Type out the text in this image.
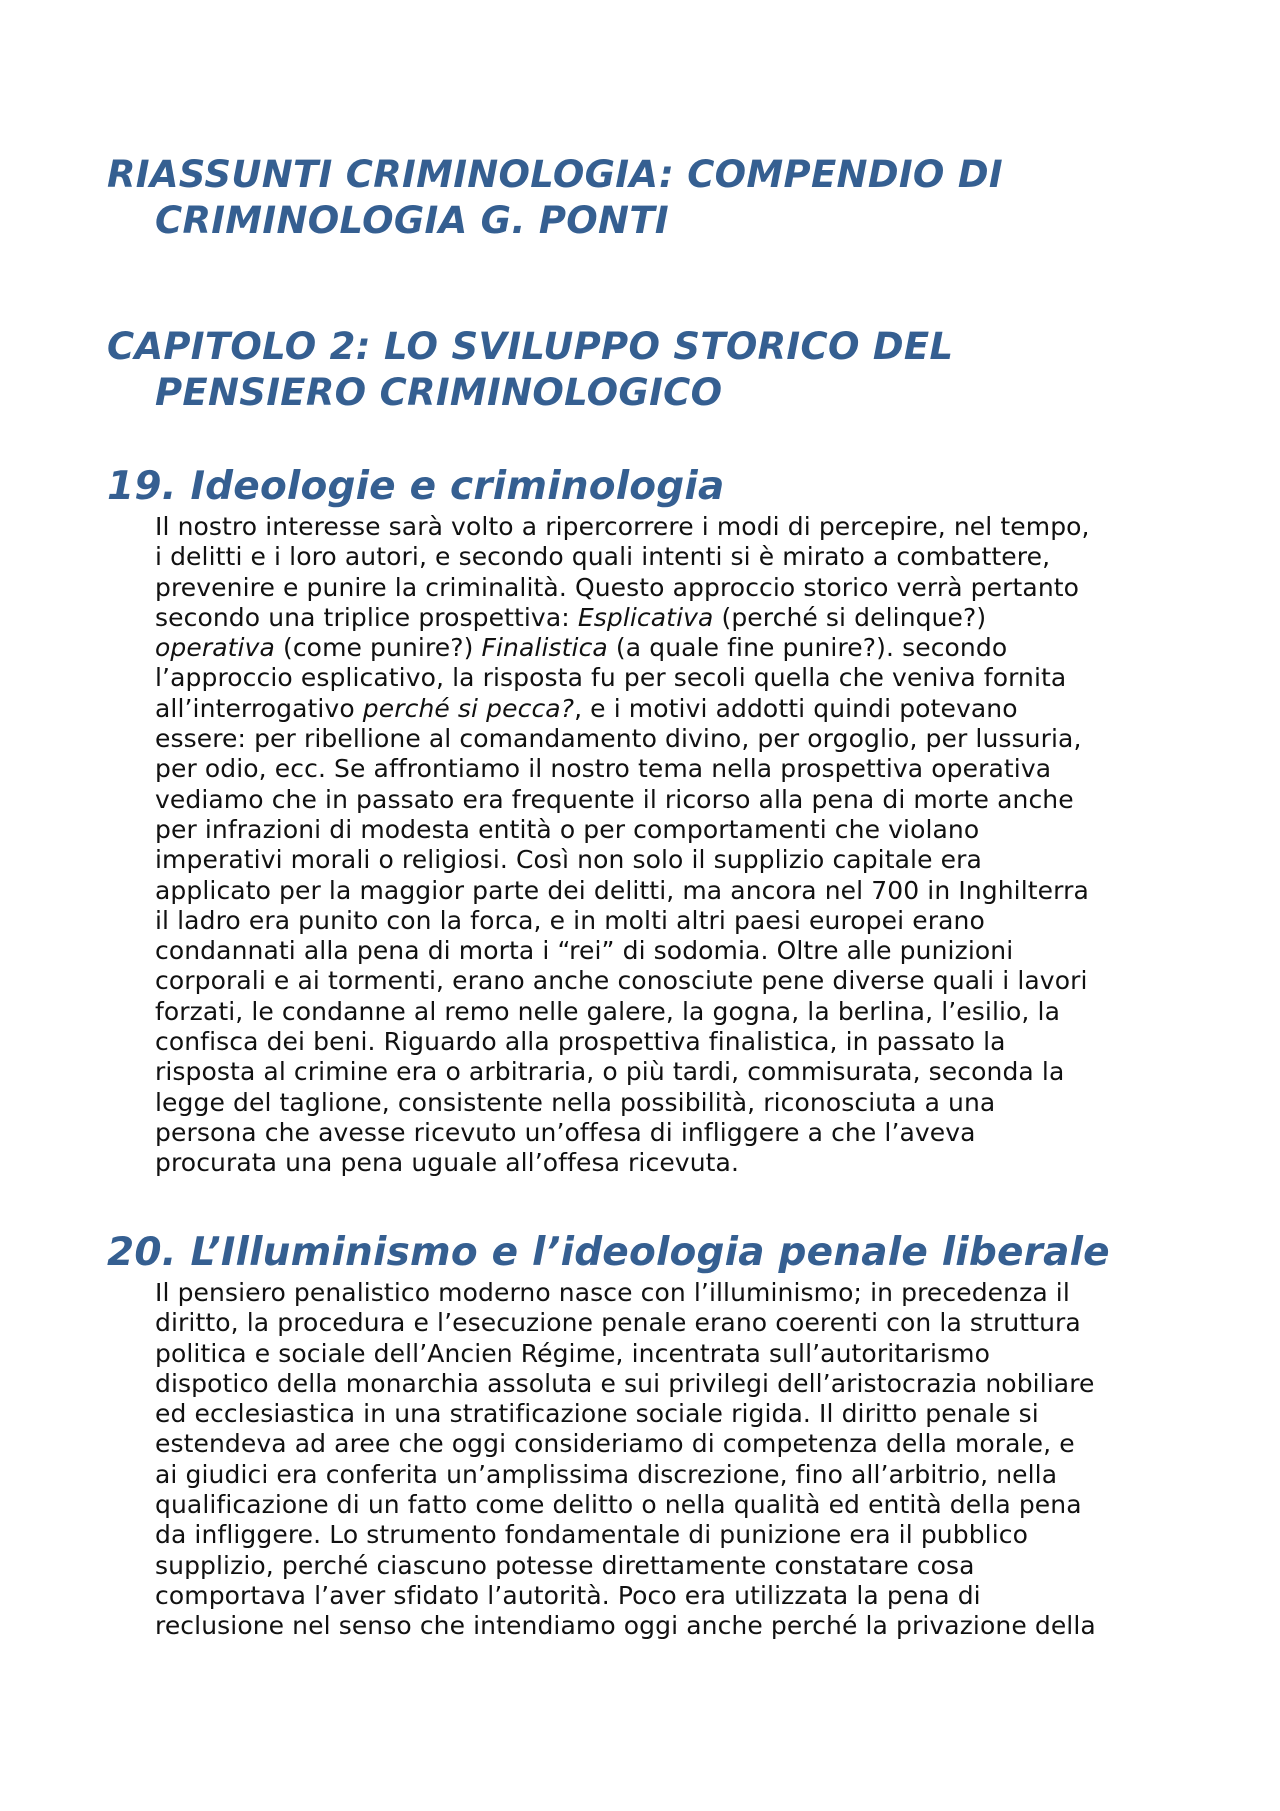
RIASSUNTI CRIMINOLOGIA: COMPENDIO DI
CRIMINOLOGIA G. PONTI
CAPITOLO 2: LO SVILUPPO STORICO DEL
PENSIERO CRIMINOLOGICO
19. Ideologie e criminologia
Il nostro interesse sarà volto a ripercorrere i modi di percepire, nel tempo,
i delitti e i loro autori, e secondo quali intenti si è mirato a combattere,
prevenire e punire la criminalità. Questo approccio storico verrà pertanto
secondo una triplice prospettiva: Esplicativa (perché si delinque?)
operativa (come punire?) Finalistica (a quale fine punire?). secondo
l’approccio esplicativo, la risposta fu per secoli quella che veniva fornita
all’interrogativo perché si pecca?, e i motivi addotti quindi potevano
essere: per ribellione al comandamento divino, per orgoglio, per lussuria,
per odio, ecc. Se affrontiamo il nostro tema nella prospettiva operativa
vediamo che in passato era frequente il ricorso alla pena di morte anche
per infrazioni di modesta entità o per comportamenti che violano
imperativi morali o religiosi. Così non solo il supplizio capitale era
applicato per la maggior parte dei delitti, ma ancora nel 700 in Inghilterra
il ladro era punito con la forca, e in molti altri paesi europei erano
condannati alla pena di morta i “rei” di sodomia. Oltre alle punizioni
corporali e ai tormenti, erano anche conosciute pene diverse quali i lavori
forzati, le condanne al remo nelle galere, la gogna, la berlina, l’esilio, la
confisca dei beni. Riguardo alla prospettiva finalistica, in passato la
risposta al crimine era o arbitraria, o più tardi, commisurata, seconda la
legge del taglione, consistente nella possibilità, riconosciuta a una
persona che avesse ricevuto un’offesa di infliggere a che l’aveva
procurata una pena uguale all’offesa ricevuta.
20. L’Illuminismo e l’ideologia penale liberale
Il pensiero penalistico moderno nasce con l’illuminismo; in precedenza il
diritto, la procedura e l’esecuzione penale erano coerenti con la struttura
politica e sociale dell’Ancien Régime, incentrata sull’autoritarismo
dispotico della monarchia assoluta e sui privilegi dell’aristocrazia nobiliare
ed ecclesiastica in una stratificazione sociale rigida. Il diritto penale si
estendeva ad aree che oggi consideriamo di competenza della morale, e
ai giudici era conferita un’amplissima discrezione, fino all’arbitrio, nella
qualificazione di un fatto come delitto o nella qualità ed entità della pena
da infliggere. Lo strumento fondamentale di punizione era il pubblico
supplizio, perché ciascuno potesse direttamente constatare cosa
comportava l’aver sfidato l’autorità. Poco era utilizzata la pena di
reclusione nel senso che intendiamo oggi anche perché la privazione della
